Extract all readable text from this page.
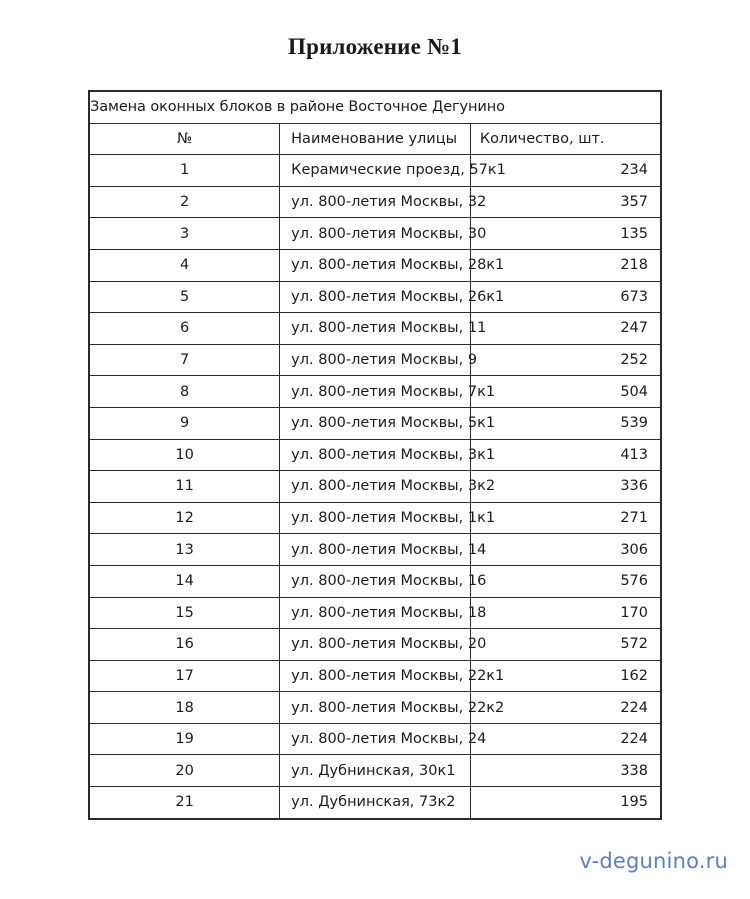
Приложение №1
Замена оконных блоков в районе Восточное Дегунино		
№	Наименование улицы	Количество, шт.
1	Керамические проезд, 57к1	234
2	ул. 800-летия Москвы, 32	357
3	ул. 800-летия Москвы, 30	135
4	ул. 800-летия Москвы, 28к1	218
5	ул. 800-летия Москвы, 26к1	673
6	ул. 800-летия Москвы, 11	247
7	ул. 800-летия Москвы, 9	252
8	ул. 800-летия Москвы, 7к1	504
9	ул. 800-летия Москвы, 5к1	539
10	ул. 800-летия Москвы, 3к1	413
11	ул. 800-летия Москвы, 3к2	336
12	ул. 800-летия Москвы, 1к1	271
13	ул. 800-летия Москвы, 14	306
14	ул. 800-летия Москвы, 16	576
15	ул. 800-летия Москвы, 18	170
16	ул. 800-летия Москвы, 20	572
17	ул. 800-летия Москвы, 22к1	162
18	ул. 800-летия Москвы, 22к2	224
19	ул. 800-летия Москвы, 24	224
20	ул. Дубнинская, 30к1	338
21	ул. Дубнинская, 73к2	195
v-degunino.ru
